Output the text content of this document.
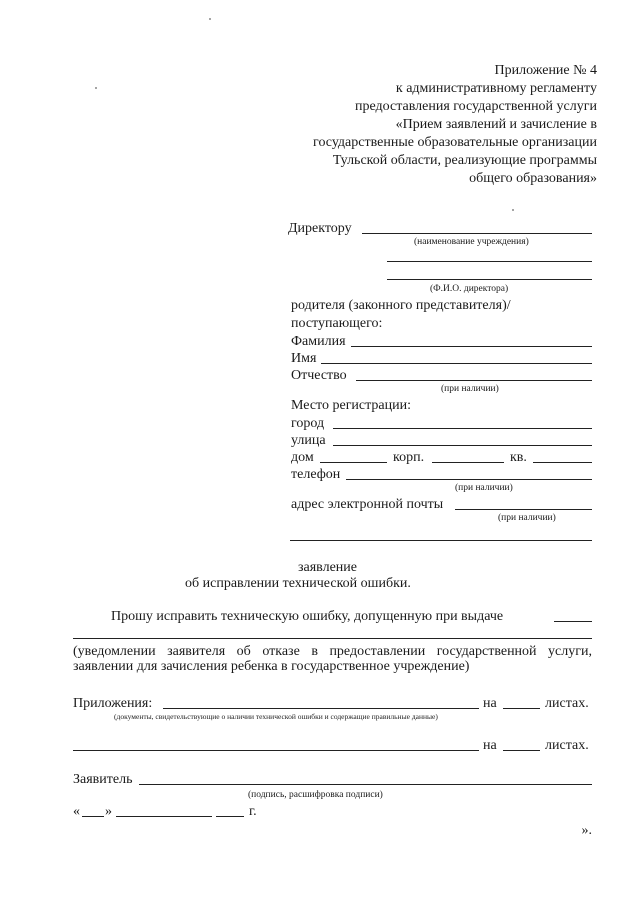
Приложение № 4
к административному регламенту
предоставления государственной услуги
«Прием заявлений и зачисление в
государственные образовательные организации
Тульской области, реализующие программы
общего образования»
Директору
(наименование учреждения)
(Ф.И.О. директора)
родителя (законного представителя)/
поступающего:
Фамилия
Имя
Отчество
(при наличии)
Место регистрации:
город
улица
дом	корп.	кв.
телефон
(при наличии)
адрес электронной почты
(при наличии)
заявление
об исправлении технической ошибки.
Прошу исправить техническую ошибку, допущенную при выдаче
(уведомлении заявителя об отказе в предоставлении государственной услуги,
заявлении для зачисления ребенка в государственное учреждение)
Приложения:	на	листах.
(документы, свидетельствующие о наличии технической ошибки и содержащие правильные данные)
на	листах.
Заявитель
(подпись, расшифровка подписи)
« »	г.
».
